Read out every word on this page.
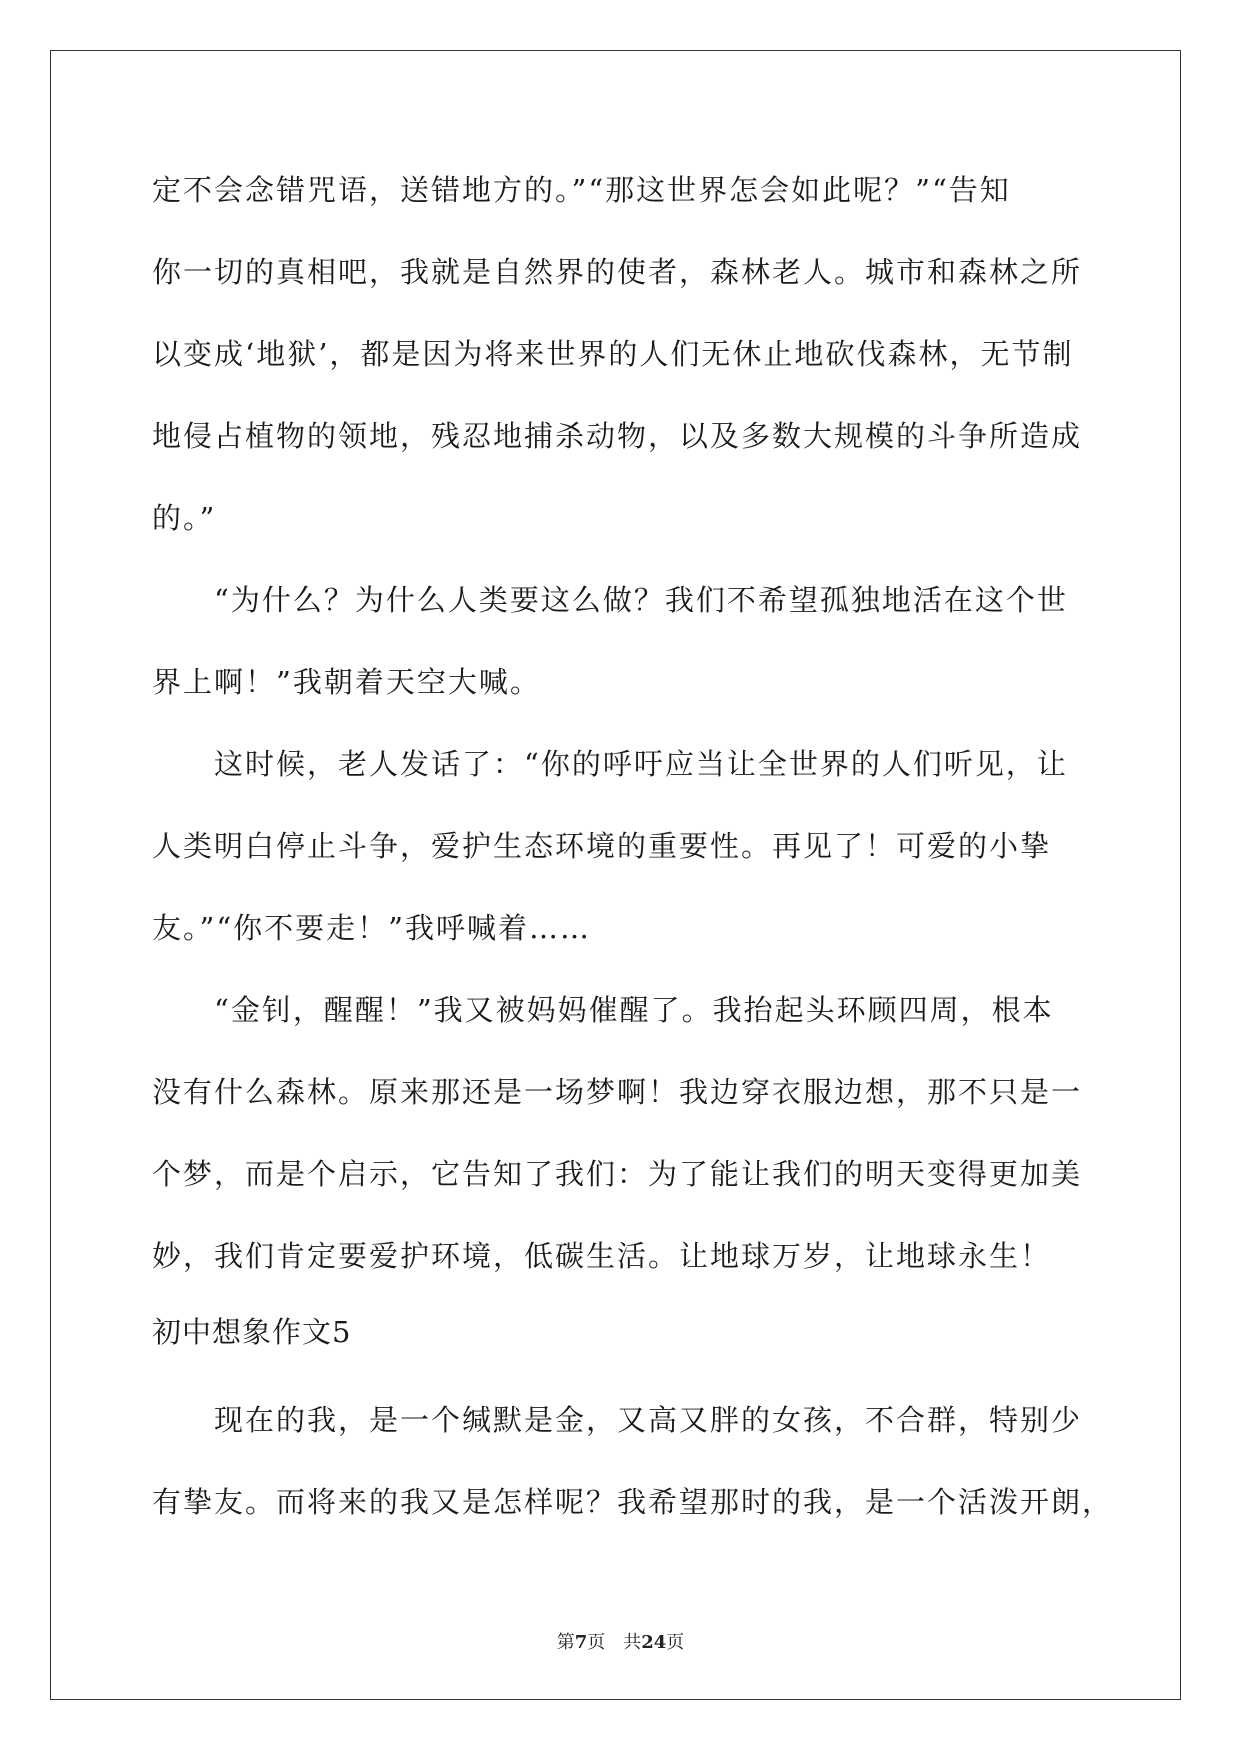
定不会念错咒语，送错地方的。”“那这世界怎会如此呢？”“告知
你一切的真相吧，我就是自然界的使者，森林老人。城市和森林之所
以变成‘地狱’，都是因为将来世界的人们无休止地砍伐森林，无节制
地侵占植物的领地，残忍地捕杀动物，以及多数大规模的斗争所造成
的。”
　　“为什么？为什么人类要这么做？我们不希望孤独地活在这个世
界上啊！”我朝着天空大喊。
　　这时候，老人发话了：“你的呼吁应当让全世界的人们听见，让
人类明白停止斗争，爱护生态环境的重要性。再见了！可爱的小挚
友。”“你不要走！”我呼喊着……
　　“金钊，醒醒！”我又被妈妈催醒了。我抬起头环顾四周，根本
没有什么森林。原来那还是一场梦啊！我边穿衣服边想，那不只是一
个梦，而是个启示，它告知了我们：为了能让我们的明天变得更加美
妙，我们肯定要爱护环境，低碳生活。让地球万岁，让地球永生！
初中想象作文5
　　现在的我，是一个缄默是金，又高又胖的女孩，不合群，特别少
有挚友。而将来的我又是怎样呢？我希望那时的我，是一个活泼开朗，
第7页　共24页
